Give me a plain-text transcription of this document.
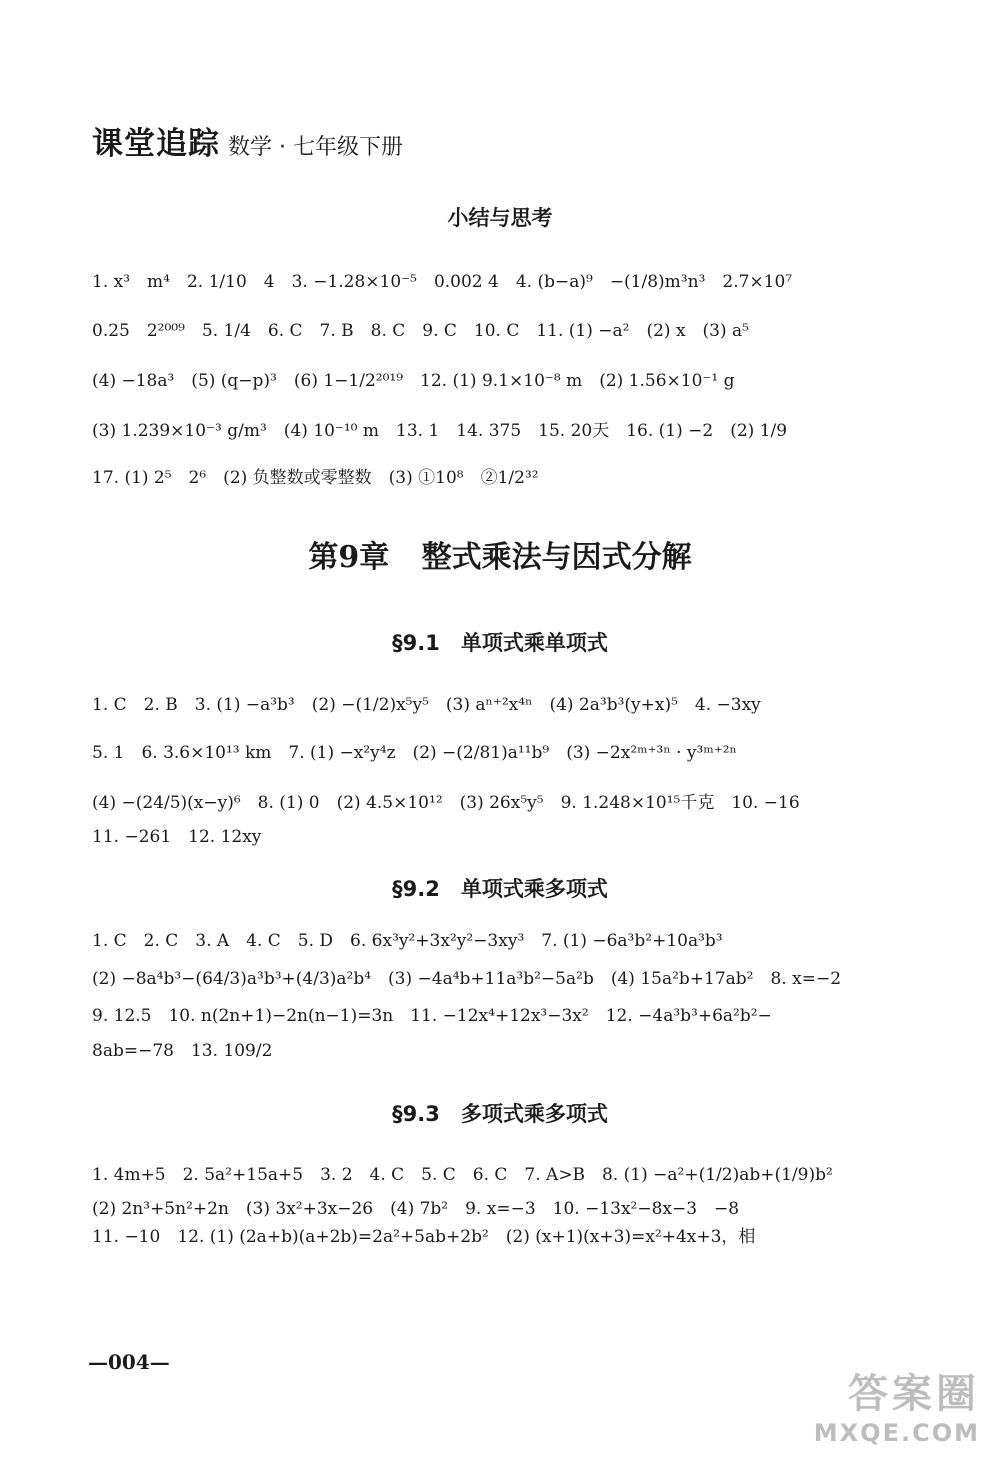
课堂追踪 数学 · 七年级下册
小结与思考
1. x³　m⁴　2. 1/10　4　3. −1.28×10⁻⁵　0.002 4　4. (b−a)⁹　−(1/8)m³n³　2.7×10⁷
0.25　2²⁰⁰⁹　5. 1/4　6. C　7. B　8. C　9. C　10. C　11. (1) −a²　(2) x　(3) a⁵
(4) −18a³　(5) (q−p)³　(6) 1−1/2²⁰¹⁹　12. (1) 9.1×10⁻⁸ m　(2) 1.56×10⁻¹ g
(3) 1.239×10⁻³ g/m³　(4) 10⁻¹⁰ m　13. 1　14. 375　15. 20天　16. (1) −2　(2) 1/9
17. (1) 2⁵　2⁶　(2) 负整数或零整数　(3) ①10⁸　②1/2³²
第9章 整式乘法与因式分解
§9.1　单项式乘单项式
1. C　2. B　3. (1) −a³b³　(2) −(1/2)x⁵y⁵　(3) aⁿ⁺²x⁴ⁿ　(4) 2a³b³(y+x)⁵　4. −3xy
5. 1　6. 3.6×10¹³ km　7. (1) −x²y⁴z　(2) −(2/81)a¹¹b⁹　(3) −2x²ᵐ⁺³ⁿ · y³ᵐ⁺²ⁿ
(4) −(24/5)(x−y)⁶　8. (1) 0　(2) 4.5×10¹²　(3) 26x⁵y⁵　9. 1.248×10¹⁵千克　10. −16
11. −261　12. 12xy
§9.2　单项式乘多项式
1. C　2. C　3. A　4. C　5. D　6. 6x³y²+3x²y²−3xy³　7. (1) −6a³b²+10a³b³
(2) −8a⁴b³−(64/3)a³b³+(4/3)a²b⁴　(3) −4a⁴b+11a³b²−5a²b　(4) 15a²b+17ab²　8. x=−2
9. 12.5　10. n(2n+1)−2n(n−1)=3n　11. −12x⁴+12x³−3x²　12. −4a³b³+6a²b²−
8ab=−78　13. 109/2
§9.3　多项式乘多项式
1. 4m+5　2. 5a²+15a+5　3. 2　4. C　5. C　6. C　7. A>B　8. (1) −a²+(1/2)ab+(1/9)b²
(2) 2n³+5n²+2n　(3) 3x²+3x−26　(4) 7b²　9. x=−3　10. −13x²−8x−3　−8
11. −10　12. (1) (2a+b)(a+2b)=2a²+5ab+2b²　(2) (x+1)(x+3)=x²+4x+3，相
—004—
答案圈
MXQE.COM
